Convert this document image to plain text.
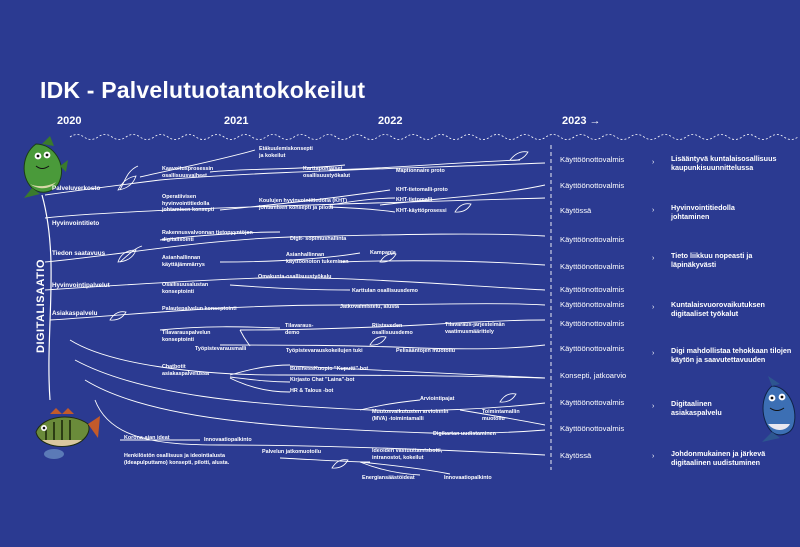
›
›
›
›
›
›
›
IDK - Palvelutuotantokokeilut
2020	2021	2022	2023 →
DIGITALISAATIO
Palveluverkosto
Hyvinvointitieto
Tiedon saatavuus
Hyvinvointipalvelut
Asiakaspalvelu
Etäkuulemiskonsepti
ja kokeilut
Kaavoitusprosessin
osallisuusvaiheet
Karttapohjaiset
osallisuustyökalut
Maptionnaire proto
Operatiivisen
hyvinvointitiedolla
johtamisen konsepti
Koulujen hyvinvointitiedolla (KHT)
johtamisen konsepti ja pilotti
KHT-tietomalli-proto
KHT-tietomalli
KHT-käyttöprosessi
Rakennusvalvonnan tietopyyntöjen
digitalisointi	Digit- sopimushallinta
Asianhallinnan
käyttäjämmärrys
Asianhallinnan
käyttöönoton tukeminen
Kampanja
Omakunta-osallisuustyökalu
Osallisuusalustan
konseptointi	Karttulan osallisuusdemo
Palautepalvelun konseptointi	Jatkovalmistelu, alusta
Tilavarauspalvelun
konseptointi
Tilavaraus-
demo
Riistaveden
osallisuusdemo
Tilavaraus-järjestelmän
vaatimusmäärittely
Työpistevarausmalli	Työpistevarauskokeilujen tuki	Pelisääntöjen muotoilu
Chatbotit
asiakaspalvelussa
BusinessKuopio "Kuputti"-bot
Kirjasto Chat "Laina"-bot
HR & Talous -bot
Arviointipajat
Muutosvaikutusten arvioinnin
(MVA) -toimintamalli
Toimintamallin
muotoilu
Digikartan uudistaminen
Korona-ajan ideat	Innovaatiopalkinto
Henkilöstön osallisuus ja ideointialusta
(Ideapulputtamo) konsepti, pilotti, alusta.
Palvelun jatkomuotoilu	Ideoiden vastuuttamisbotti,
intranostot, kokeilut
Energiansäästöideat	Innovaatiopalkinto
Käyttöönottovalmis
Käyttöönottovalmis
Käytössä
Käyttöönottovalmis
Käyttöönottovalmis
Käyttöönottovalmis
Käyttöönottovalmis
Käyttöönottovalmis
Käyttöönottovalmis
Konsepti, jatkoarvio
Käyttöönottovalmis
Käyttöönottovalmis
Käytössä
Lisääntyvä kuntalaisosallisuus
kaupunkisuunnittelussa
Hyvinvointitiedolla
johtaminen
Tieto liikkuu nopeasti ja
läpinäkyvästi
Kuntalaisvuorovaikutuksen
digitaaliset työkalut
Digi mahdollistaa tehokkaan tilojen
käytön ja saavutettavuuden
Digitaalinen
asiakaspalvelu
Johdonmukainen ja järkevä
digitaalinen uudistuminen
